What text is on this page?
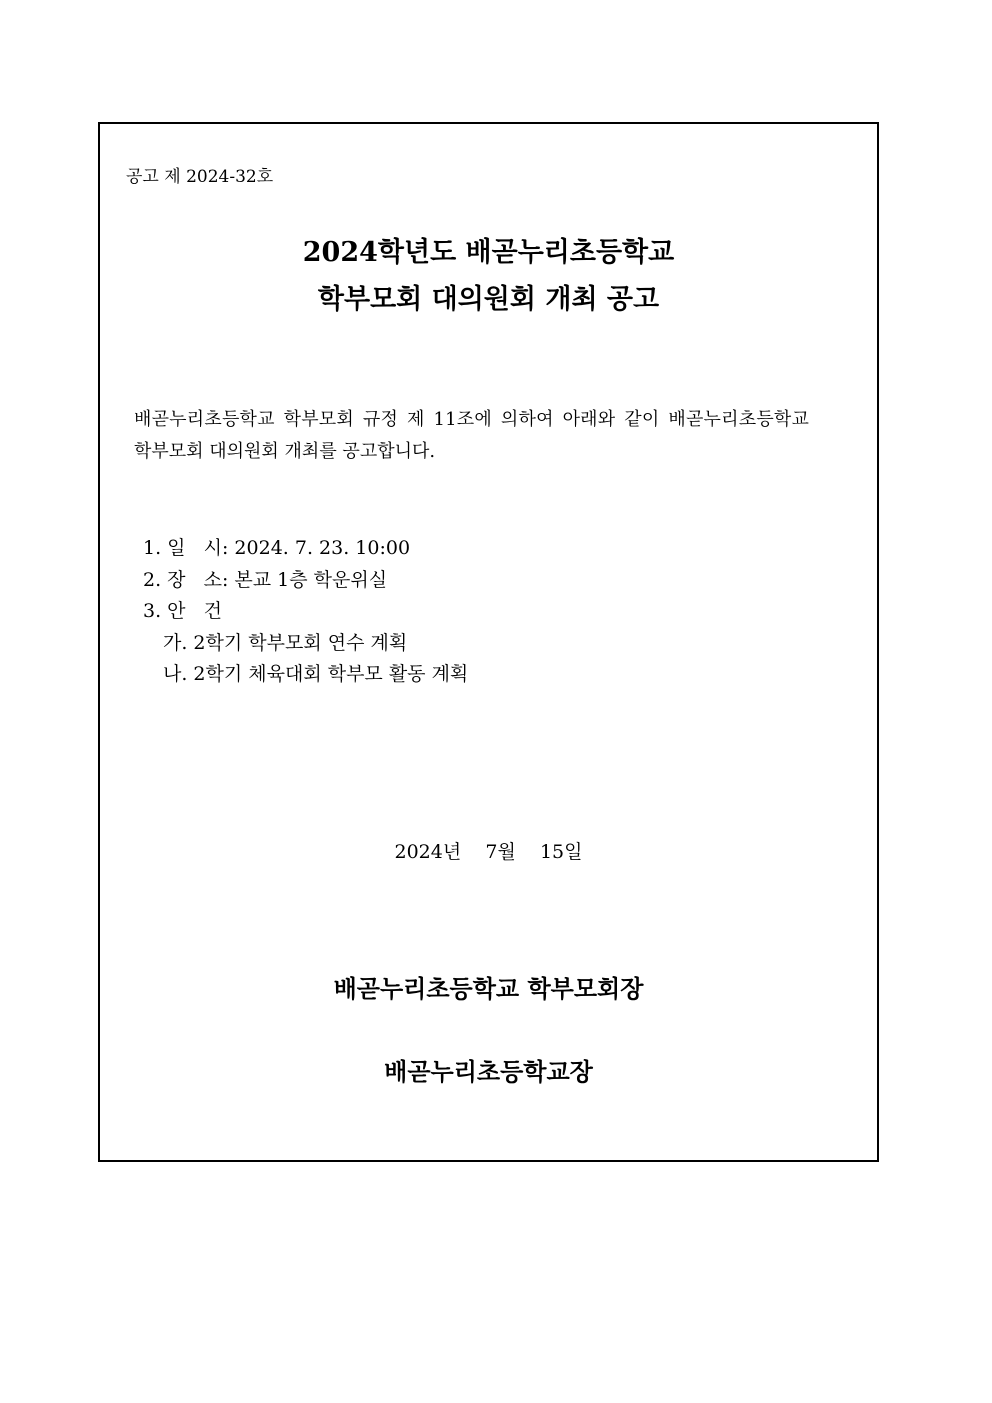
공고 제 2024-32호
2024학년도 배곧누리초등학교
학부모회 대의원회 개최 공고
배곧누리초등학교 학부모회 규정 제 11조에 의하여 아래와 같이 배곧누리초등학교
학부모회 대의원회 개최를 공고합니다.
1. 일   시: 2024. 7. 23. 10:00
2. 장   소: 본교 1층 학운위실
3. 안   건
가. 2학기 학부모회 연수 계획
나. 2학기 체육대회 학부모 활동 계획
2024년    7월    15일
배곧누리초등학교 학부모회장
배곧누리초등학교장
